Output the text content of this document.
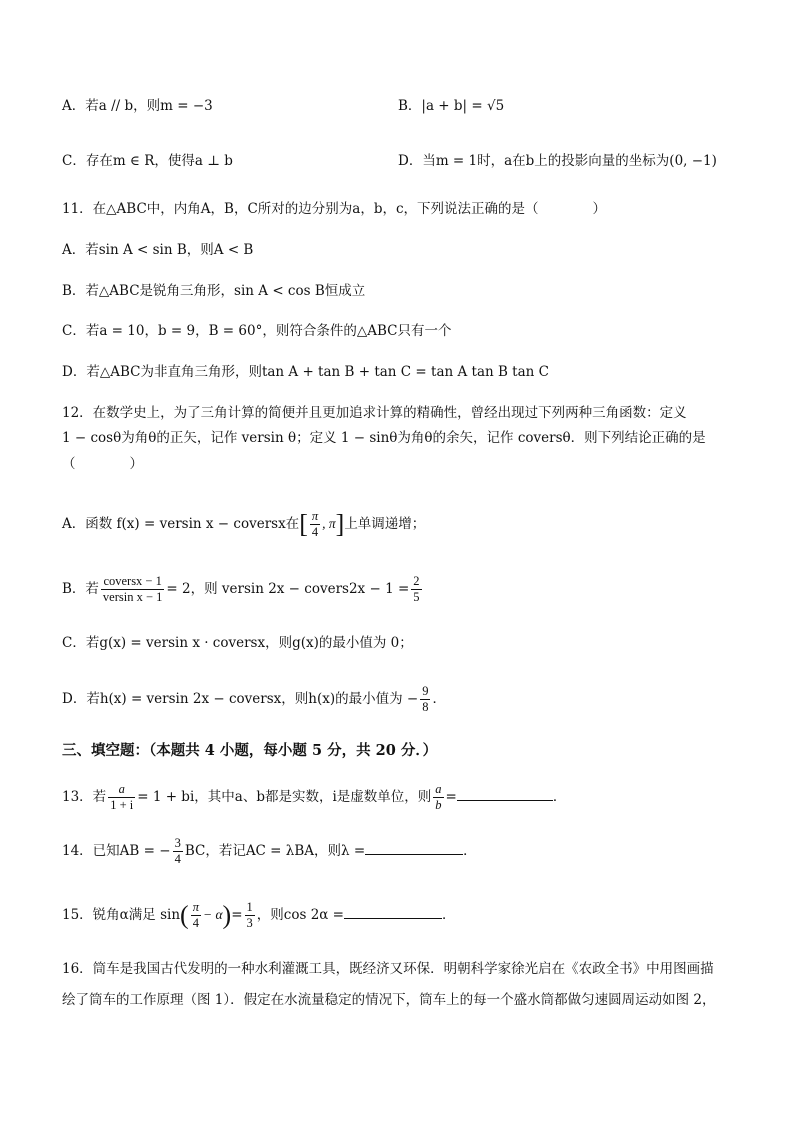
A．若a // b，则m = −3	B．|a + b| = √5
C．存在m ∈ R，使得a ⊥ b	D．当m = 1时，a在b上的投影向量的坐标为(0, −1)
11．在△ABC中，内角A，B，C所对的边分别为a，b，c，下列说法正确的是（　　　　）
A．若sin A < sin B，则A < B
B．若△ABC是锐角三角形，sin A < cos B恒成立
C．若a = 10，b = 9，B = 60°，则符合条件的△ABC只有一个
D．若△ABC为非直角三角形，则tan A + tan B + tan C = tan A tan B tan C
12．在数学史上，为了三角计算的简便并且更加追求计算的精确性，曾经出现过下列两种三角函数：定义
1 − cosθ为角θ的正矢，记作 versin θ；定义 1 − sinθ为角θ的余矢，记作 coversθ．则下列结论正确的是
（　　　　）
A．函数 f(x) = versin x − coversx在[ $\frac{\pi}{4}$ , π]上单调递增；
B．若 $\frac{\text{coversx − 1}}{\text{versin x − 1}} = 2$，则 versin 2x − covers2x − $1 = \frac{2}{5}$
C．若g(x) = versin x · coversx，则g(x)的最小值为 0；
D．若h(x) = versin 2x − coversx，则h(x)的最小值为 − $\frac{9}{8}$ ．
三、填空题：（本题共 4 小题，每小题 5 分，共 20 分．）
13．若 $\frac{a}{1 + i} = 1$ + bi，其中a、b都是实数，i是虚数单位，则 $\frac{a}{b}$ =	．
14．已知AB = − $\frac{3}{4}$ BC，若记AC = λBA，则λ =	．
15．锐角α满足 $\sin( \frac{\pi}{4} - \alpha)= \frac{1}{3}$ ，则cos 2α =	．
16．筒车是我国古代发明的一种水利灌溉工具，既经济又环保．明朝科学家徐光启在《农政全书》中用图画描
绘了筒车的工作原理（图 1）．假定在水流量稳定的情况下，筒车上的每一个盛水筒都做匀速圆周运动如图 2，
